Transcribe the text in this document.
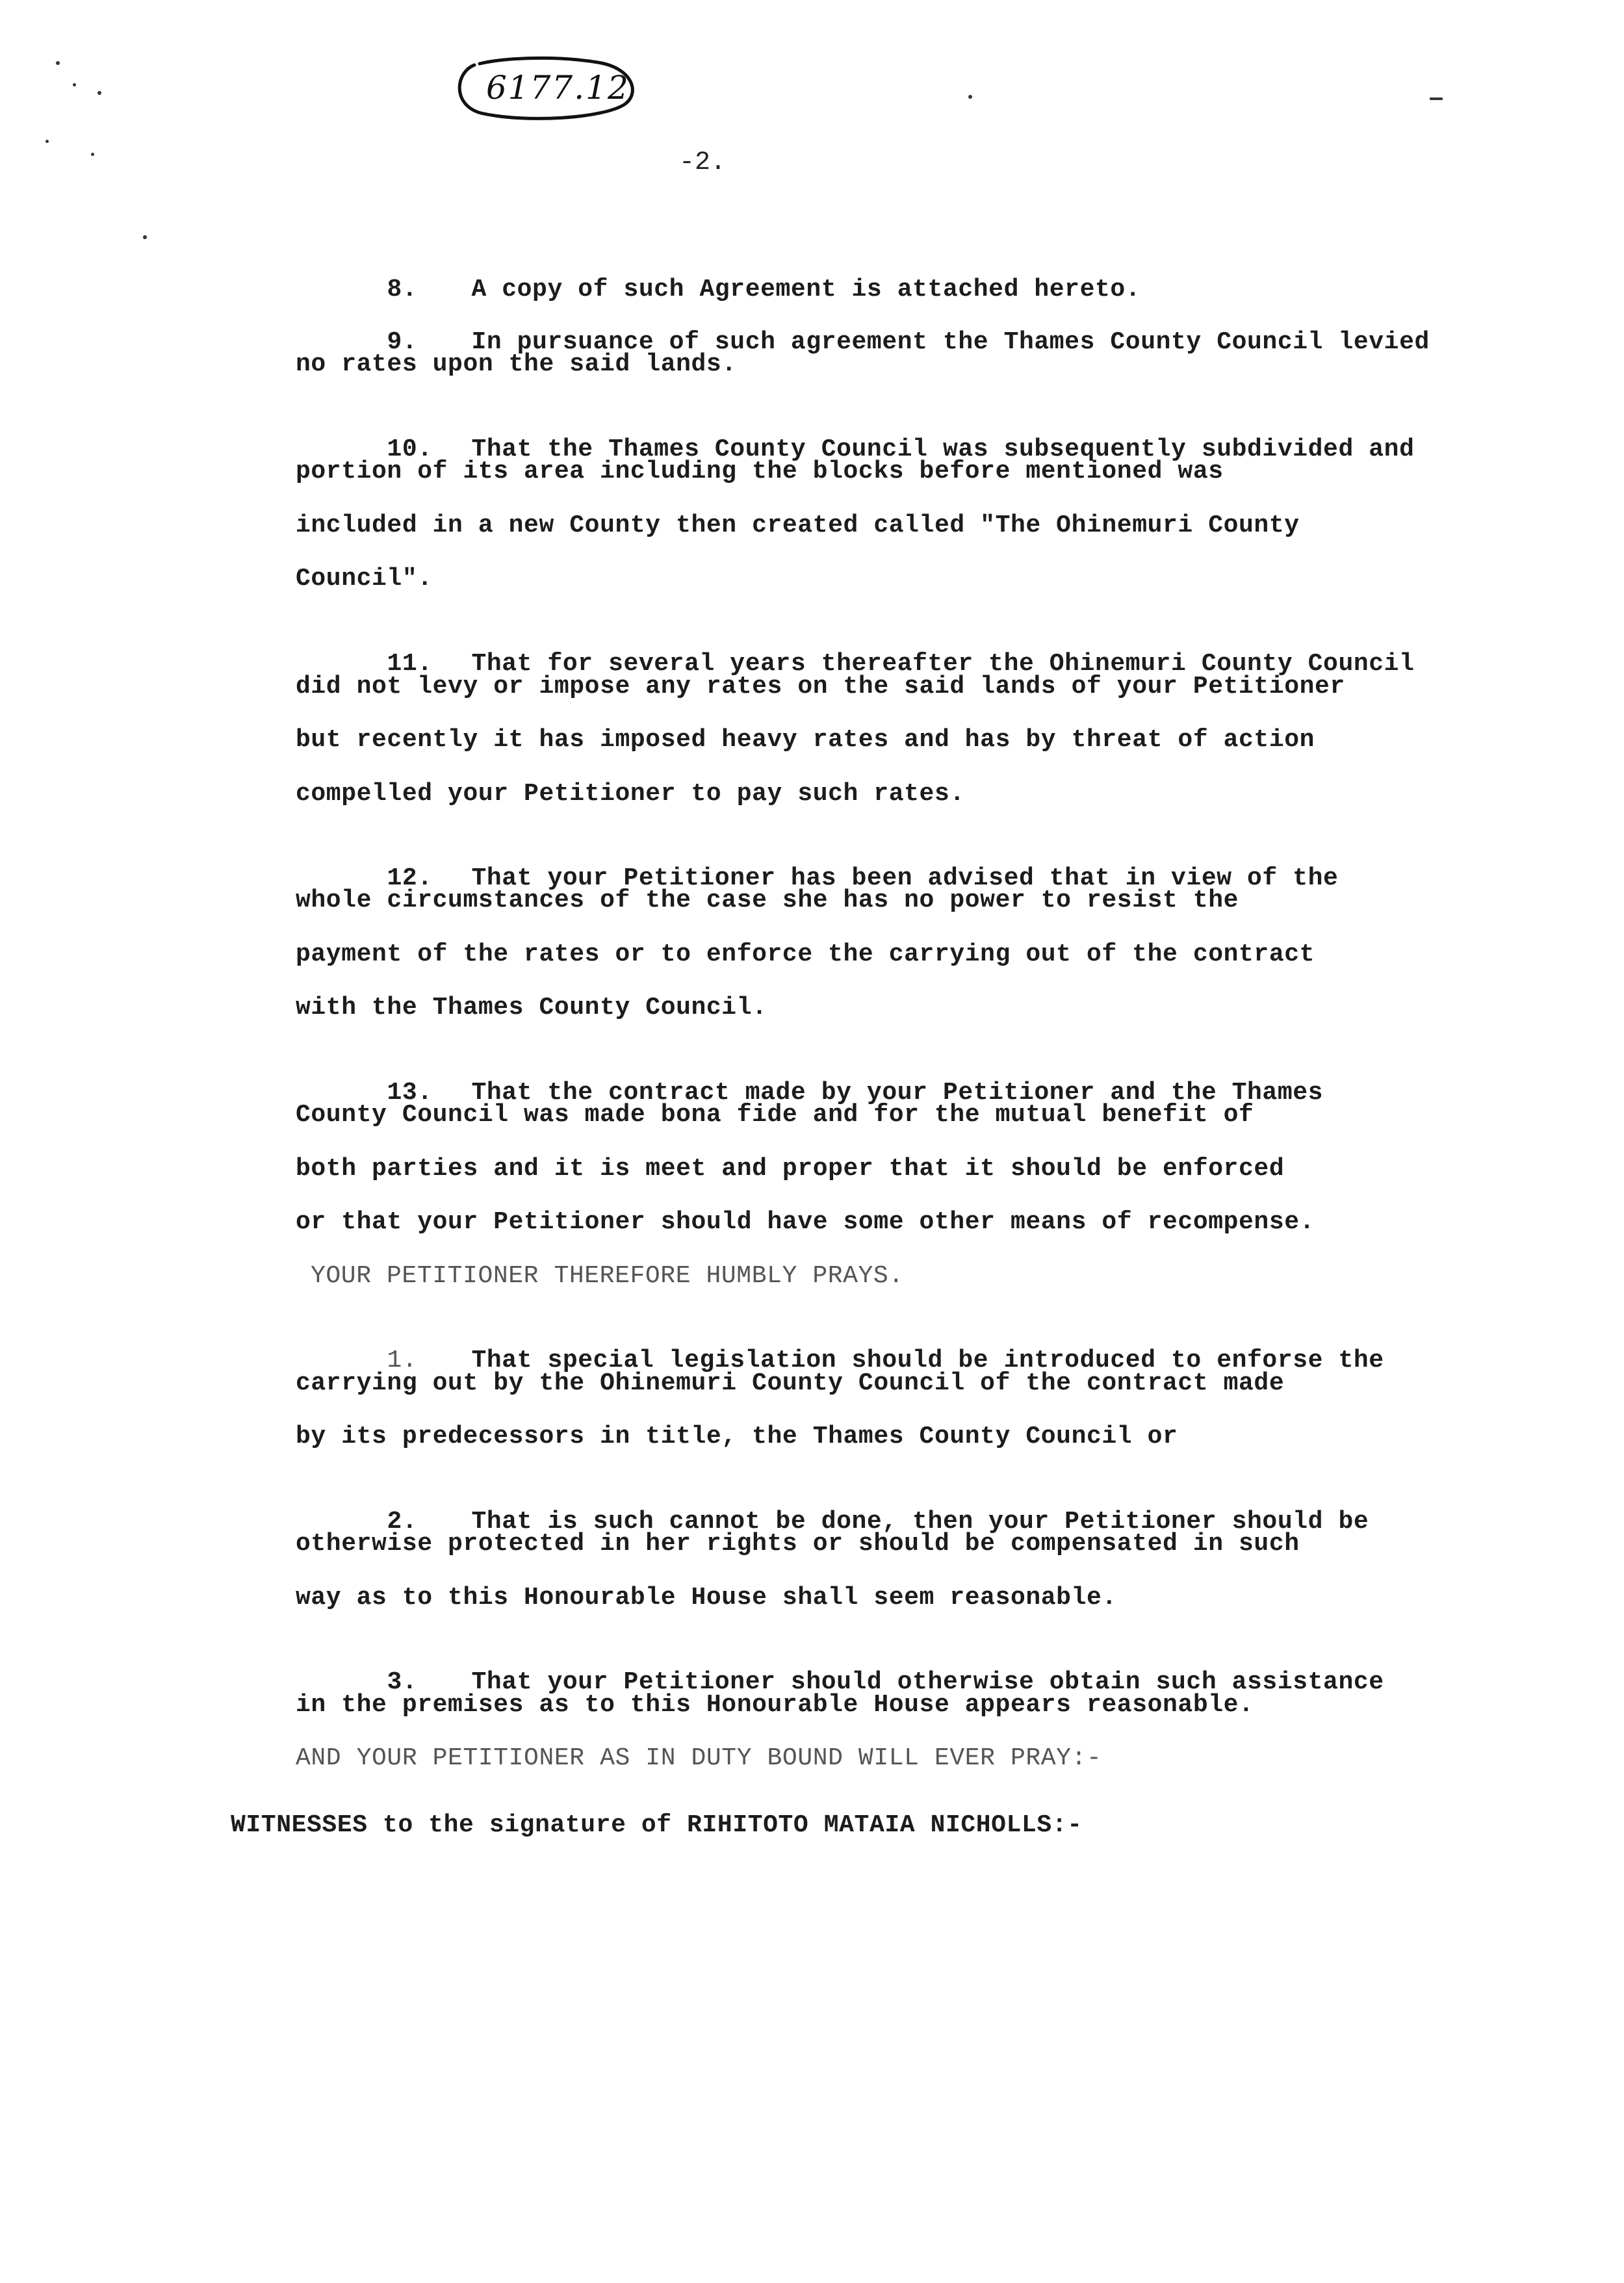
6177.12
-2.

8. A copy of such Agreement is attached hereto.

9. In pursuance of such agreement the Thames County Council levied

no rates upon the said lands.

10. That the Thames County Council was subsequently subdivided and

portion of its area including the blocks before mentioned was
included in a new County then created called "The Ohinemuri County
Council".

11. That for several years thereafter the Ohinemuri County Council

did not levy or impose any rates on the said lands of your Petitioner
but recently it has imposed heavy rates and has by threat of action
compelled your Petitioner to pay such rates.

12. That your Petitioner has been advised that in view of the

whole circumstances of the case she has no power to resist the
payment of the rates or to enforce the carrying out of the contract
with the Thames County Council.

13. That the contract made by your Petitioner and the Thames

County Council was made bona fide and for the mutual benefit of
both parties and it is meet and proper that it should be enforced
or that your Petitioner should have some other means of recompense.
YOUR PETITIONER THEREFORE HUMBLY PRAYS.

1. That special legislation should be introduced to enforse the

carrying out by the Ohinemuri County Council of the contract made
by its predecessors in title, the Thames County Council or

2. That is such cannot be done, then your Petitioner should be

otherwise protected in her rights or should be compensated in such
way as to this Honourable House shall seem reasonable.

3. That your Petitioner should otherwise obtain such assistance

in the premises as to this Honourable House appears reasonable.
AND YOUR PETITIONER AS IN DUTY BOUND WILL EVER PRAY:-
WITNESSES to the signature of RIHITOTO MATAIA NICHOLLS:-
